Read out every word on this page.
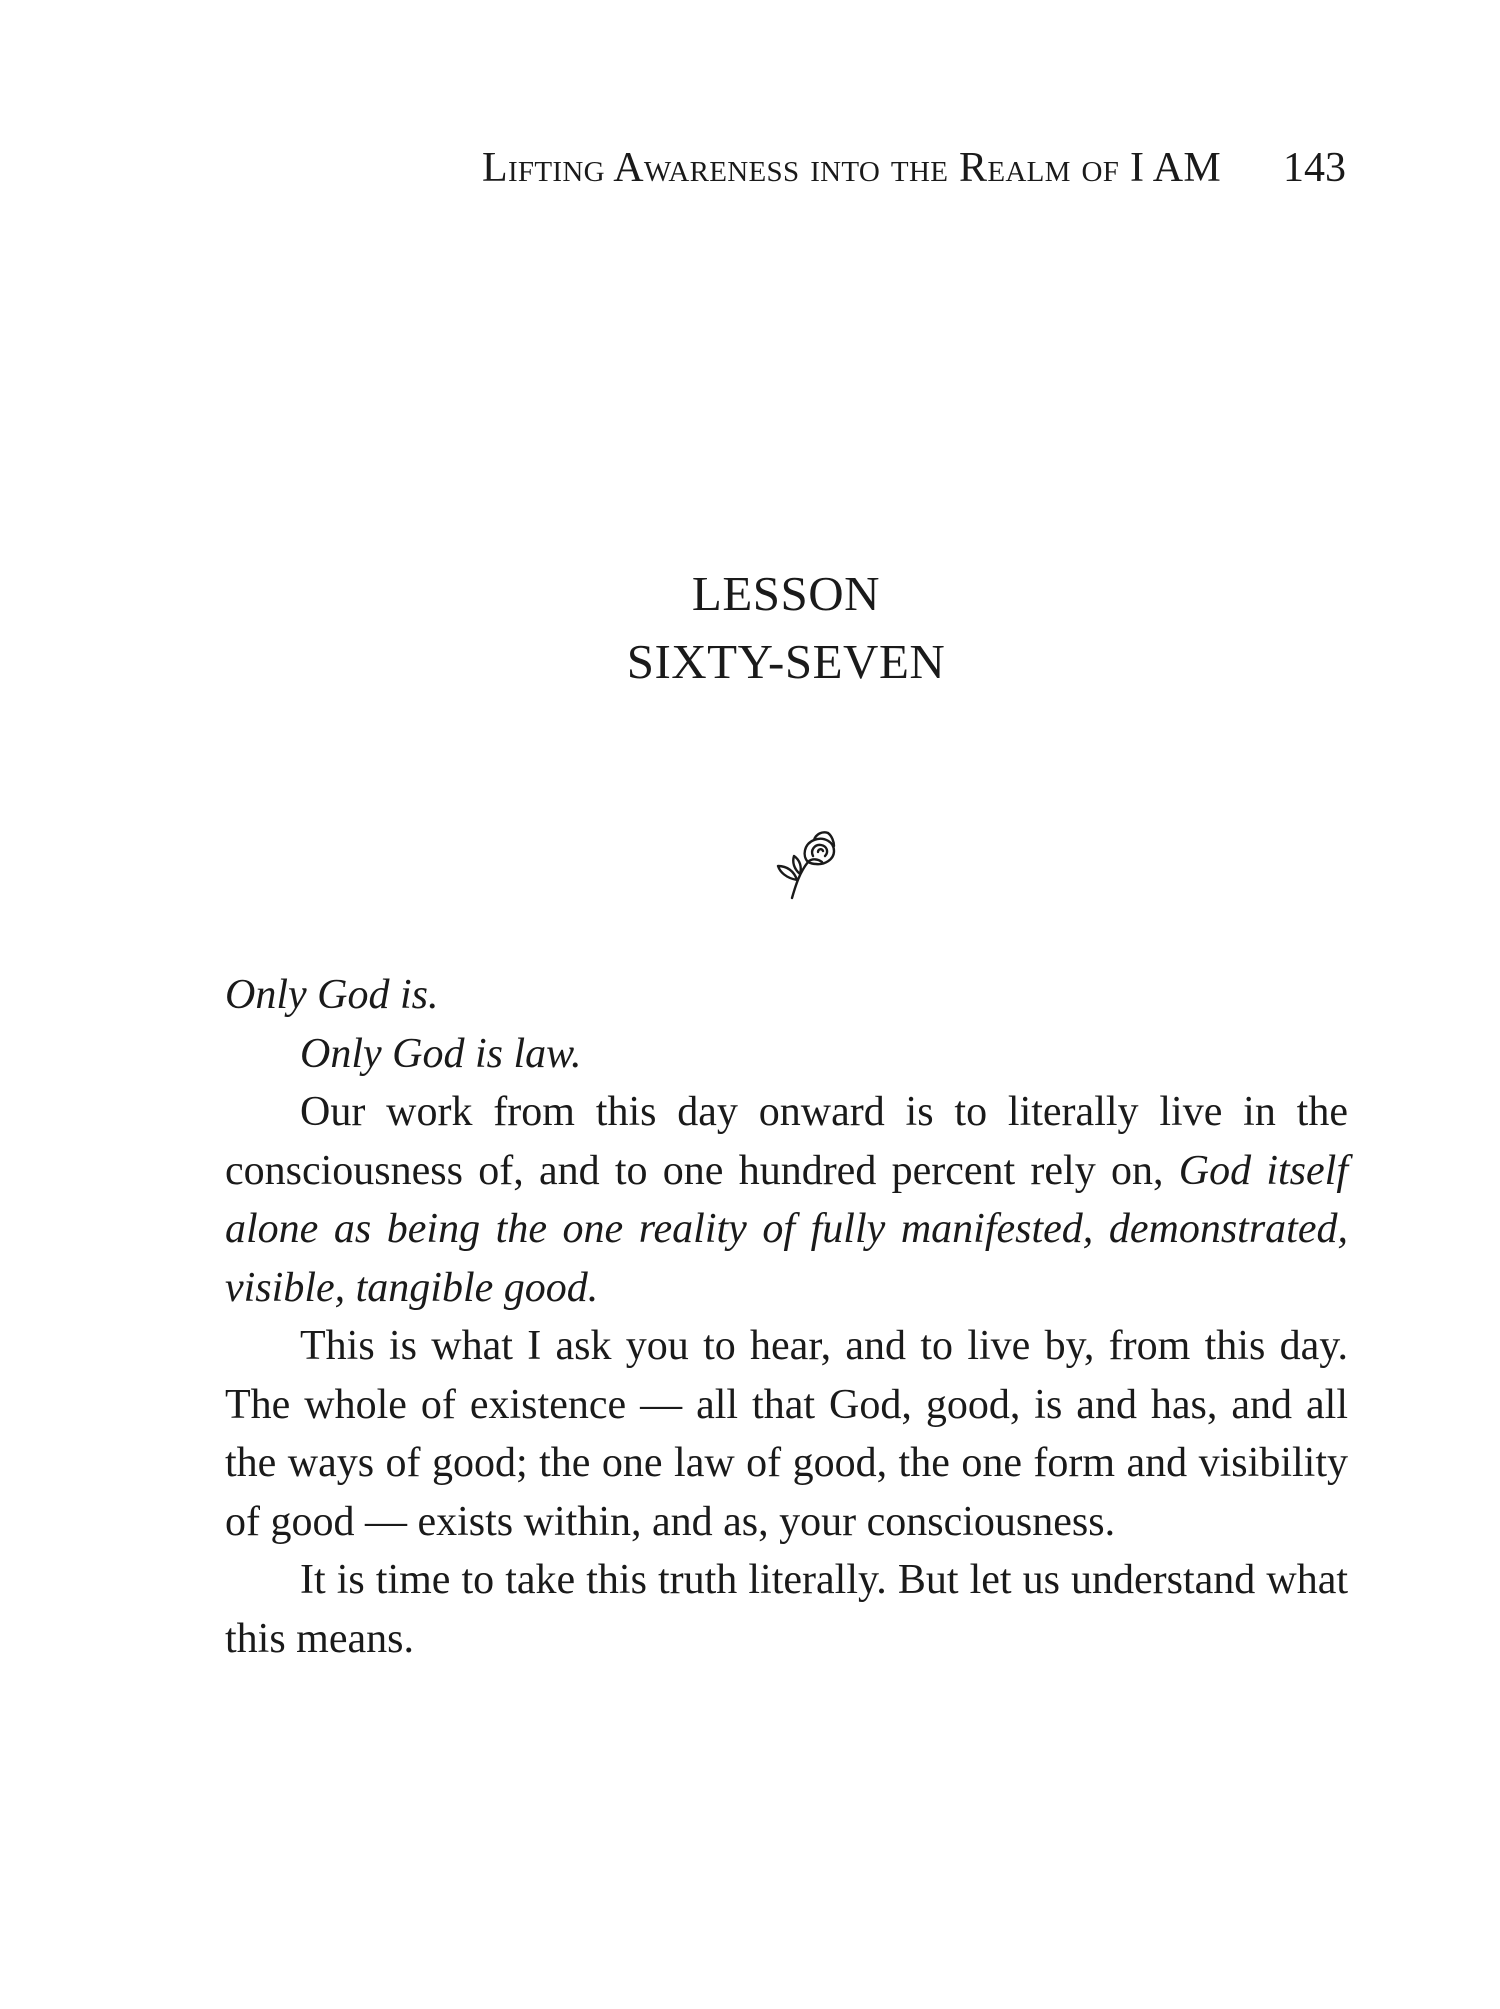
Lifting Awareness into the Realm of I AM 143
LESSON
SIXTY-SEVEN

Only God is.

Only God is law.

Our work from this day onward is to literally live in the consciousness of, and to one hundred percent rely on, God itself alone as being the one reality of fully manifested, demonstrated, visible, tangible good.

This is what I ask you to hear, and to live by, from this day. The whole of existence — all that God, good, is and has, and all the ways of good; the one law of good, the one form and visibility of good — exists within, and as, your consciousness.

It is time to take this truth literally. But let us understand what this means.
